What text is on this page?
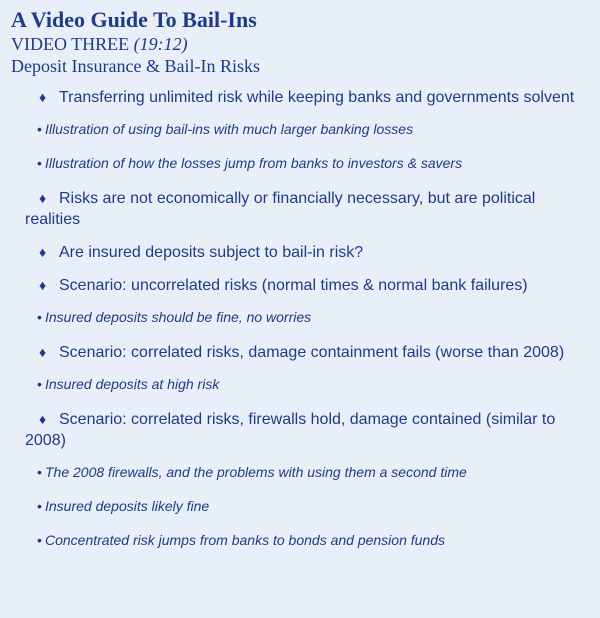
A Video Guide To Bail-Ins

VIDEO THREE (19:12)

Deposit Insurance & Bail-In Risks

♦ Transferring unlimited risk while keeping banks and governments solvent
• Illustration of using bail-ins with much larger banking losses
• Illustration of how the losses jump from banks to investors & savers
♦ Risks are not economically or financially necessary, but are political realities
♦ Are insured deposits subject to bail-in risk?
♦ Scenario: uncorrelated risks (normal times & normal bank failures)
• Insured deposits should be fine, no worries
♦ Scenario: correlated risks, damage containment fails (worse than 2008)
• Insured deposits at high risk
♦ Scenario: correlated risks, firewalls hold, damage contained (similar to 2008)
• The 2008 firewalls, and the problems with using them a second time
• Insured deposits likely fine
• Concentrated risk jumps from banks to bonds and pension funds
